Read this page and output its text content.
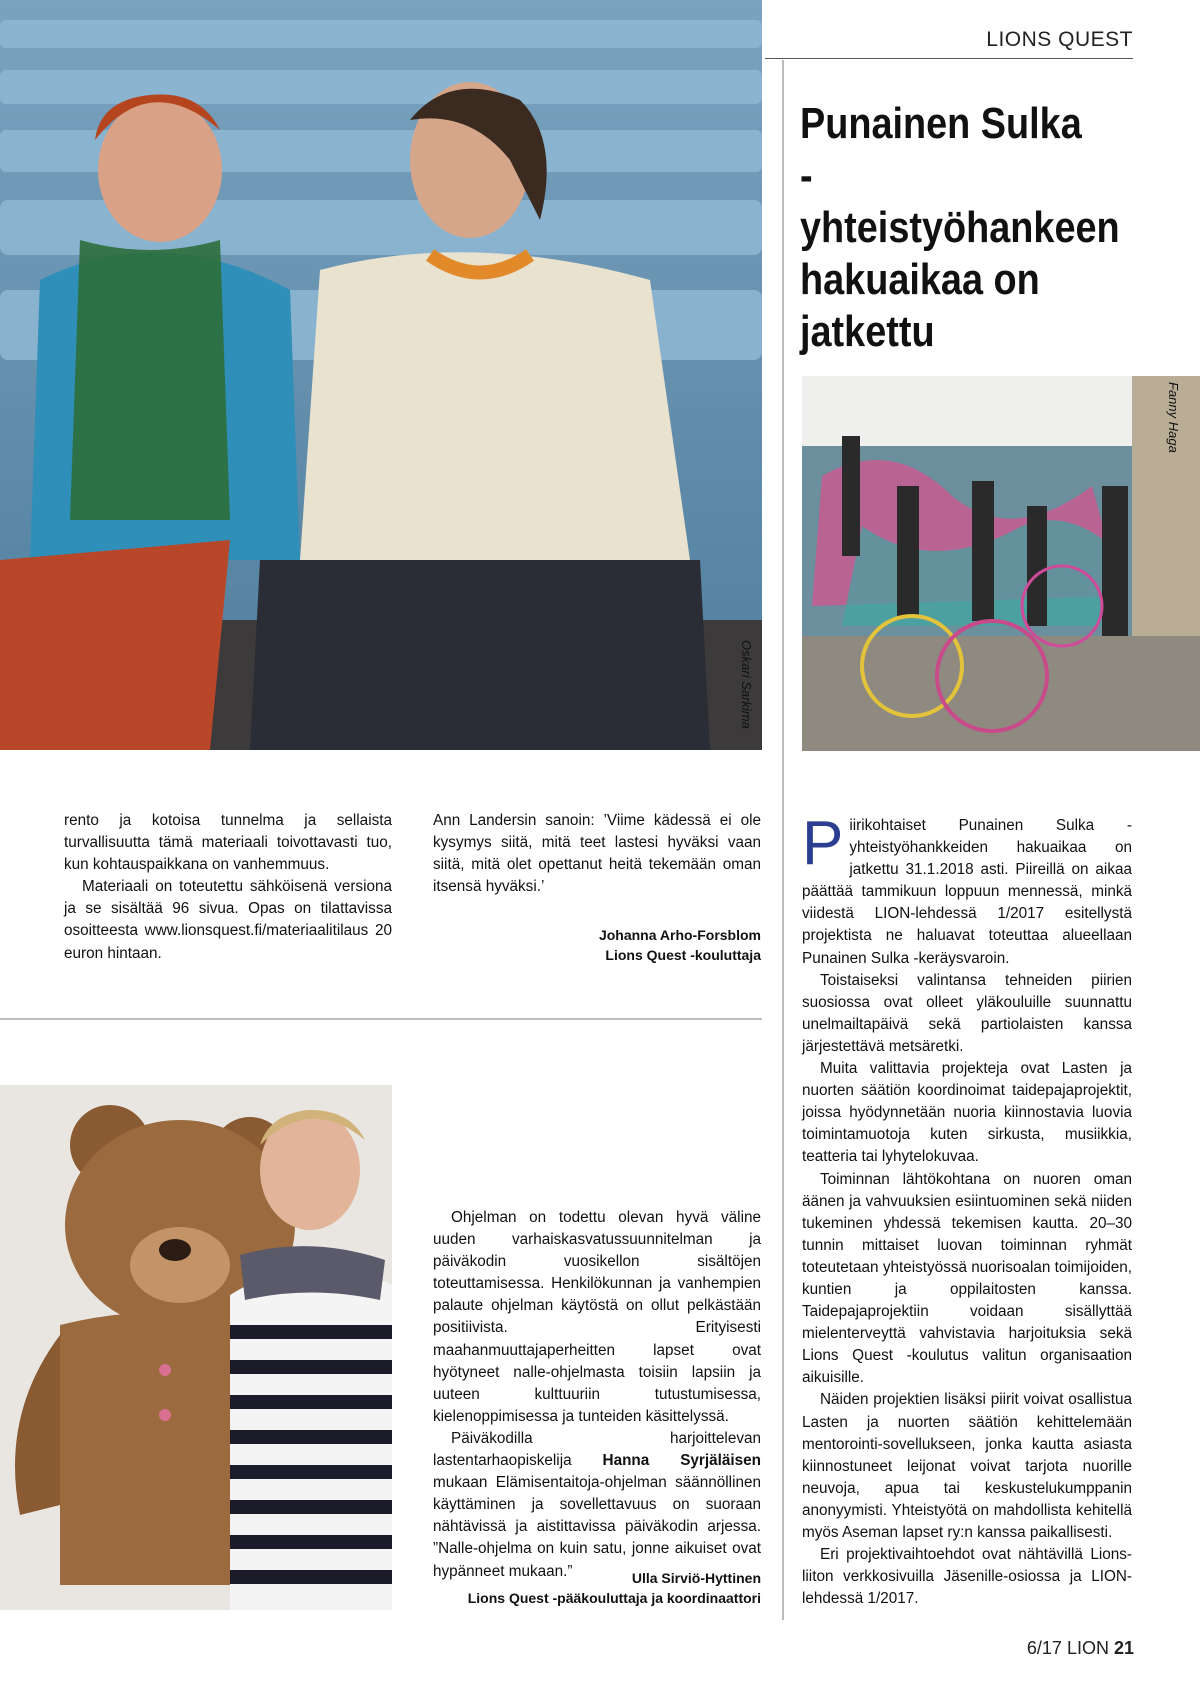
LIONS QUEST
Punainen Sulka -yhteistyöhankeen hakuaikaa on jatkettu
Oskari Sarkima
Fanny Haga

rento ja kotoisa tunnelma ja sellaista turvallisuutta tämä materiaali toivottavasti tuo, kun kohtauspaikkana on vanhemmuus.

Materiaali on toteutettu sähköisenä versiona ja se sisältää 96 sivua. Opas on tilattavissa osoitteesta www.lionsquest.fi/materiaalitilaus 20 euron hintaan.

Ann Landersin sanoin: ’Viime kädessä ei ole kysymys siitä, mitä teet lastesi hyväksi vaan siitä, mitä olet opettanut heitä tekemään oman itsensä hyväksi.’

Johanna Arho-Forsblom
Lions Quest -kouluttaja

Ohjelman on todettu olevan hyvä väline uuden varhaiskasvatussuunnitelman ja päiväkodin vuosikellon sisältöjen toteuttamisessa. Henkilökunnan ja vanhempien palaute ohjelman käytöstä on ollut pelkästään positiivista. Erityisesti maahanmuuttajaperheitten lapset ovat hyötyneet nalle-ohjelmasta toisiin lapsiin ja uuteen kulttuuriin tutustumisessa, kielenoppimisessa ja tunteiden käsittelyssä.

Päiväkodilla harjoittelevan lastentarhaopiskelija Hanna Syrjäläisen mukaan Elämisentaitoja-ohjelman säännöllinen käyttäminen ja sovellettavuus on suoraan nähtävissä ja aistittavissa päiväkodin arjessa. ”Nalle-ohjelma on kuin satu, jonne aikuiset ovat hypänneet mukaan.”	Ulla Sirviö-Hyttinen
Lions Quest -pääkouluttaja ja koordinaattori

Piirikohtaiset Punainen Sulka -yhteistyöhankkeiden hakuaikaa on jatkettu 31.1.2018 asti. Piireillä on aikaa päättää tammikuun loppuun mennessä, minkä viidestä LION-lehdessä 1/2017 esitellystä projektista ne haluavat toteuttaa alueellaan Punainen Sulka -keräysvaroin.

Toistaiseksi valintansa tehneiden piirien suosiossa ovat olleet yläkouluille suunnattu unelmailtapäivä sekä partiolaisten kanssa järjestettävä metsäretki.

Muita valittavia projekteja ovat Lasten ja nuorten säätiön koordinoimat taidepajaprojektit, joissa hyödynnetään nuoria kiinnostavia luovia toimintamuotoja kuten sirkusta, musiikkia, teatteria tai lyhytelokuvaa.

Toiminnan lähtökohtana on nuoren oman äänen ja vahvuuksien esiintuominen sekä niiden tukeminen yhdessä tekemisen kautta. 20–30 tunnin mittaiset luovan toiminnan ryhmät toteutetaan yhteistyössä nuorisoalan toimijoiden, kuntien ja oppilaitosten kanssa. Taidepajaprojektiin voidaan sisällyttää mielenterveyttä vahvistavia harjoituksia sekä Lions Quest -koulutus valitun organisaation aikuisille.

Näiden projektien lisäksi piirit voivat osallistua Lasten ja nuorten säätiön kehittelemään mentorointi-sovellukseen, jonka kautta asiasta kiinnostuneet leijonat voivat tarjota nuorille neuvoja, apua tai keskustelukumppanin anonyymisti. Yhteistyötä on mahdollista kehitellä myös Aseman lapset ry:n kanssa paikallisesti.

Eri projektivaihtoehdot ovat nähtävillä Lions-liiton verkkosivuilla Jäsenille-osiossa ja LION-lehdessä 1/2017.

6/17 LION 21
